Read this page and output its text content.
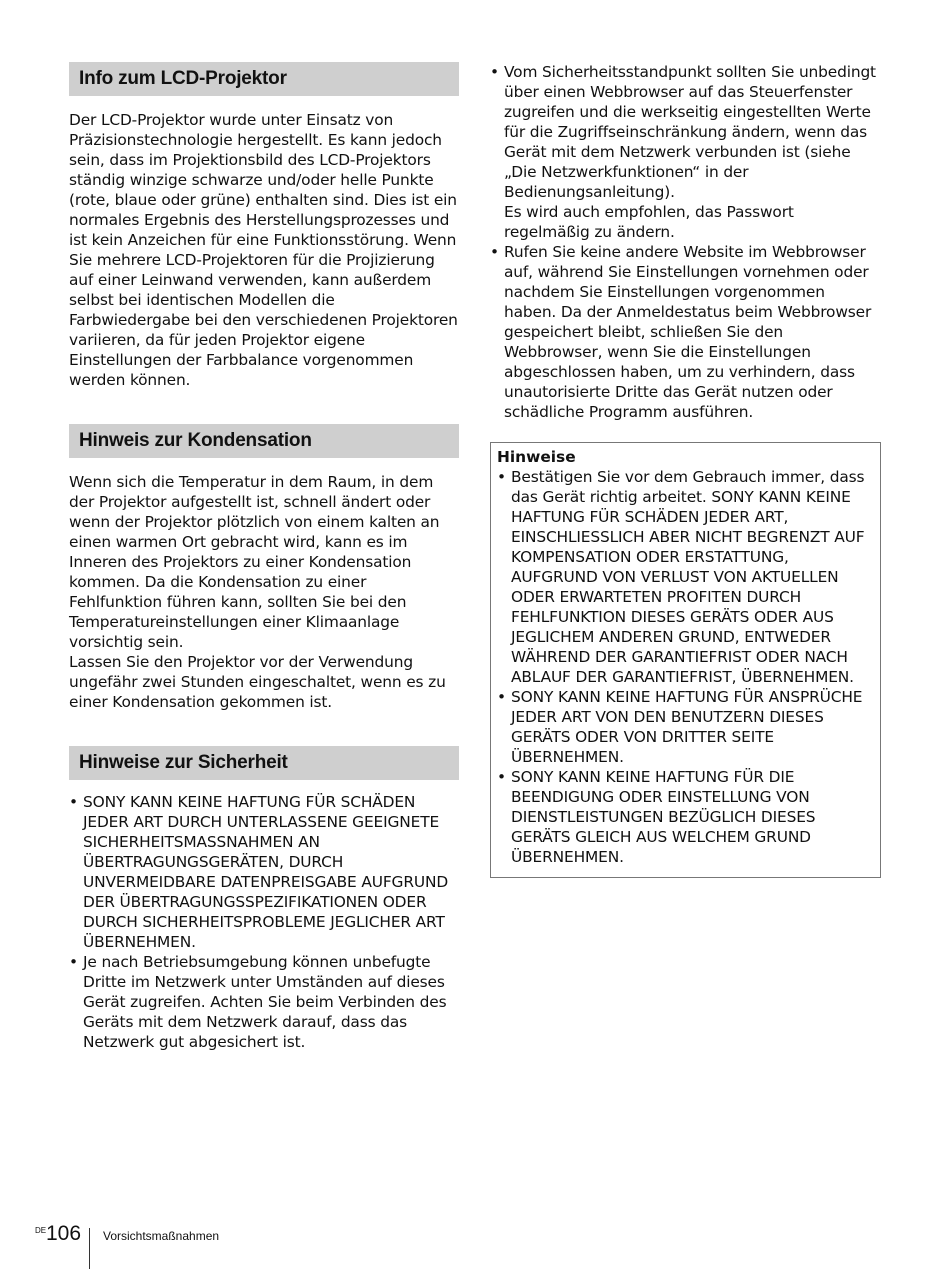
Info zum LCD-Projektor

Der LCD-Projektor wurde unter Einsatz von Präzisionstechnologie hergestellt. Es kann jedoch sein, dass im Projektionsbild des LCD-Projektors ständig winzige schwarze und/oder helle Punkte (rote, blaue oder grüne) enthalten sind. Dies ist ein normales Ergebnis des Herstellungsprozesses und ist kein Anzeichen für eine Funktionsstörung. Wenn Sie mehrere LCD-Projektoren für die Projizierung auf einer Leinwand verwenden, kann außerdem selbst bei identischen Modellen die Farbwiedergabe bei den verschiedenen Projektoren variieren, da für jeden Projektor eigene Einstellungen der Farbbalance vorgenommen werden können.

Hinweis zur Kondensation

Wenn sich die Temperatur in dem Raum, in dem der Projektor aufgestellt ist, schnell ändert oder wenn der Projektor plötzlich von einem kalten an einen warmen Ort gebracht wird, kann es im Inneren des Projektors zu einer Kondensation kommen. Da die Kondensation zu einer Fehlfunktion führen kann, sollten Sie bei den Temperatureinstellungen einer Klimaanlage vorsichtig sein.

Lassen Sie den Projektor vor der Verwendung ungefähr zwei Stunden eingeschaltet, wenn es zu einer Kondensation gekommen ist.

Hinweise zur Sicherheit
• SONY KANN KEINE HAFTUNG FÜR SCHÄDEN JEDER ART DURCH UNTERLASSENE GEEIGNETE SICHERHEITSMASSNAHMEN AN ÜBERTRAGUNGSGERÄTEN, DURCH UNVERMEIDBARE DATENPREISGABE AUFGRUND DER ÜBERTRAGUNGSSPEZIFIKATIONEN ODER DURCH SICHERHEITSPROBLEME JEGLICHER ART ÜBERNEHMEN.
• Je nach Betriebsumgebung können unbefugte Dritte im Netzwerk unter Umständen auf dieses Gerät zugreifen. Achten Sie beim Verbinden des Geräts mit dem Netzwerk darauf, dass das Netzwerk gut abgesichert ist.
• Vom Sicherheitsstandpunkt sollten Sie unbedingt über einen Webbrowser auf das Steuerfenster zugreifen und die werkseitig eingestellten Werte für die Zugriffseinschränkung ändern, wenn das Gerät mit dem Netzwerk verbunden ist (siehe „Die Netzwerkfunktionen“ in der Bedienungsanleitung).
Es wird auch empfohlen, das Passwort regelmäßig zu ändern.
• Rufen Sie keine andere Website im Webbrowser auf, während Sie Einstellungen vornehmen oder nachdem Sie Einstellungen vorgenommen haben. Da der Anmeldestatus beim Webbrowser gespeichert bleibt, schließen Sie den Webbrowser, wenn Sie die Einstellungen abgeschlossen haben, um zu verhindern, dass unautorisierte Dritte das Gerät nutzen oder schädliche Programm ausführen.
Hinweise
• Bestätigen Sie vor dem Gebrauch immer, dass das Gerät richtig arbeitet. SONY KANN KEINE HAFTUNG FÜR SCHÄDEN JEDER ART, EINSCHLIESSLICH ABER NICHT BEGRENZT AUF KOMPENSATION ODER ERSTATTUNG, AUFGRUND VON VERLUST VON AKTUELLEN ODER ERWARTETEN PROFITEN DURCH FEHLFUNKTION DIESES GERÄTS ODER AUS JEGLICHEM ANDEREN GRUND, ENTWEDER WÄHREND DER GARANTIEFRIST ODER NACH ABLAUF DER GARANTIEFRIST, ÜBERNEHMEN.
• SONY KANN KEINE HAFTUNG FÜR ANSPRÜCHE JEDER ART VON DEN BENUTZERN DIESES GERÄTS ODER VON DRITTER SEITE ÜBERNEHMEN.
• SONY KANN KEINE HAFTUNG FÜR DIE BEENDIGUNG ODER EINSTELLUNG VON DIENSTLEISTUNGEN BEZÜGLICH DIESES GERÄTS GLEICH AUS WELCHEM GRUND ÜBERNEHMEN.
DE 106 Vorsichtsmaßnahmen
